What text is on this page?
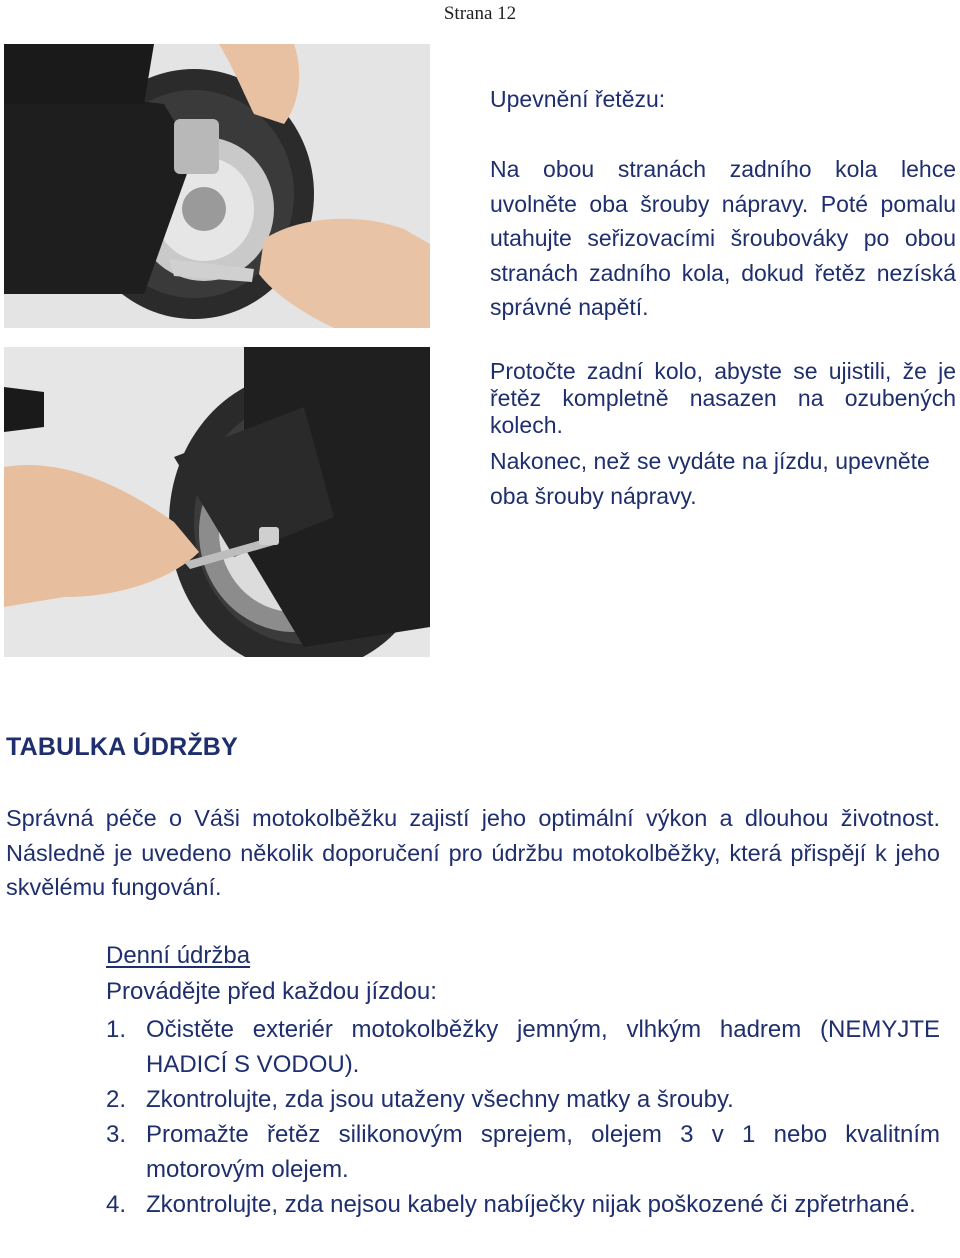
Strana 12
Upevnění řetězu:

Na obou stranách zadního kola lehce uvolněte oba šrouby nápravy. Poté pomalu utahujte seřizovacími šroubováky po obou stranách zadního kola, dokud řetěz nezíská správné napětí.

Protočte zadní kolo, abyste se ujistili, že je řetěz kompletně nasazen na ozubených kolech.

Nakonec, než se vydáte na jízdu, upevněte oba šrouby nápravy.

TABULKA ÚDRŽBY

Správná péče o Váši motokolběžku zajistí jeho optimální výkon a dlouhou životnost. Následně je uvedeno několik doporučení pro údržbu motokolběžky, která přispějí k jeho skvělému fungování.

Denní údržba
Provádějte před každou jízdou:
1. Očistěte exteriér motokolběžky jemným, vlhkým hadrem (NEMYJTE HADICÍ S VODOU).
2. Zkontrolujte, zda jsou utaženy všechny matky a šrouby.
3. Promažte řetěz silikonovým sprejem, olejem 3 v 1 nebo kvalitním motorovým olejem.
4. Zkontrolujte, zda nejsou kabely nabíječky nijak poškozené či zpřetrhané.
